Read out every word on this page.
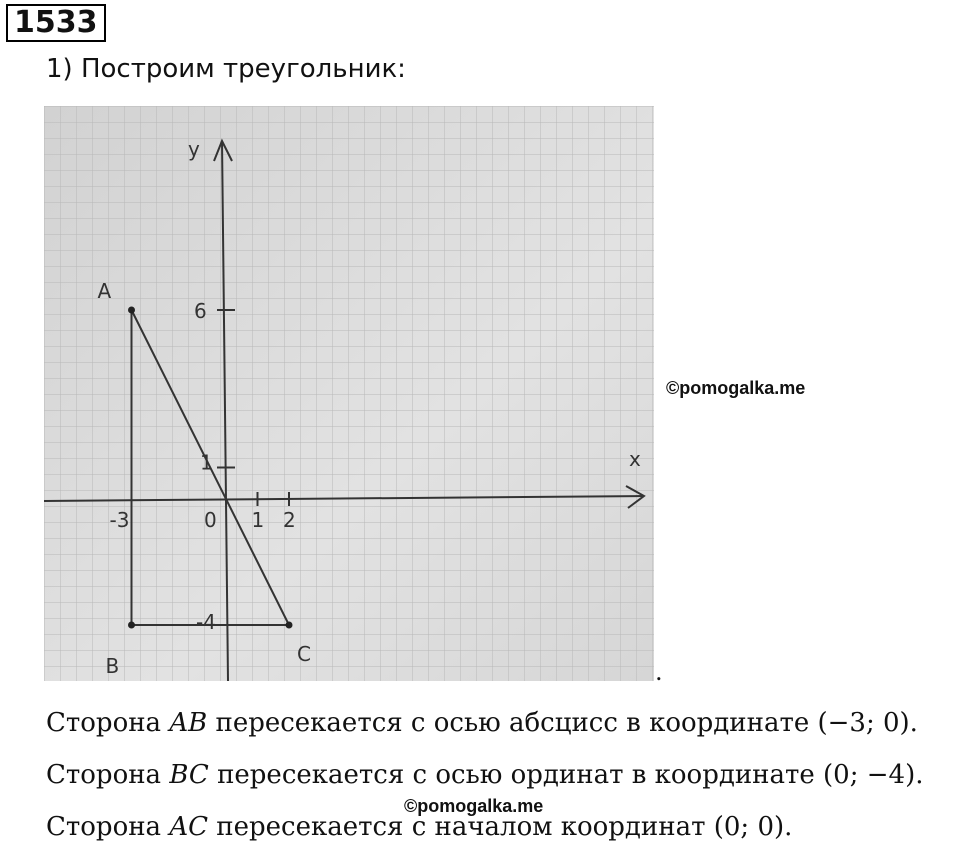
1533
1) Построим треугольник:
-3	0 1 2
6
1
-4
y
x
A
B	C
.
©pomogalka.me
©pomogalka.me
Сторона AB пересекается с осью абсцисс в координате (−3; 0).
Сторона BC пересекается с осью ординат в координате (0; −4).
Сторона AC пересекается с началом координат (0; 0).
